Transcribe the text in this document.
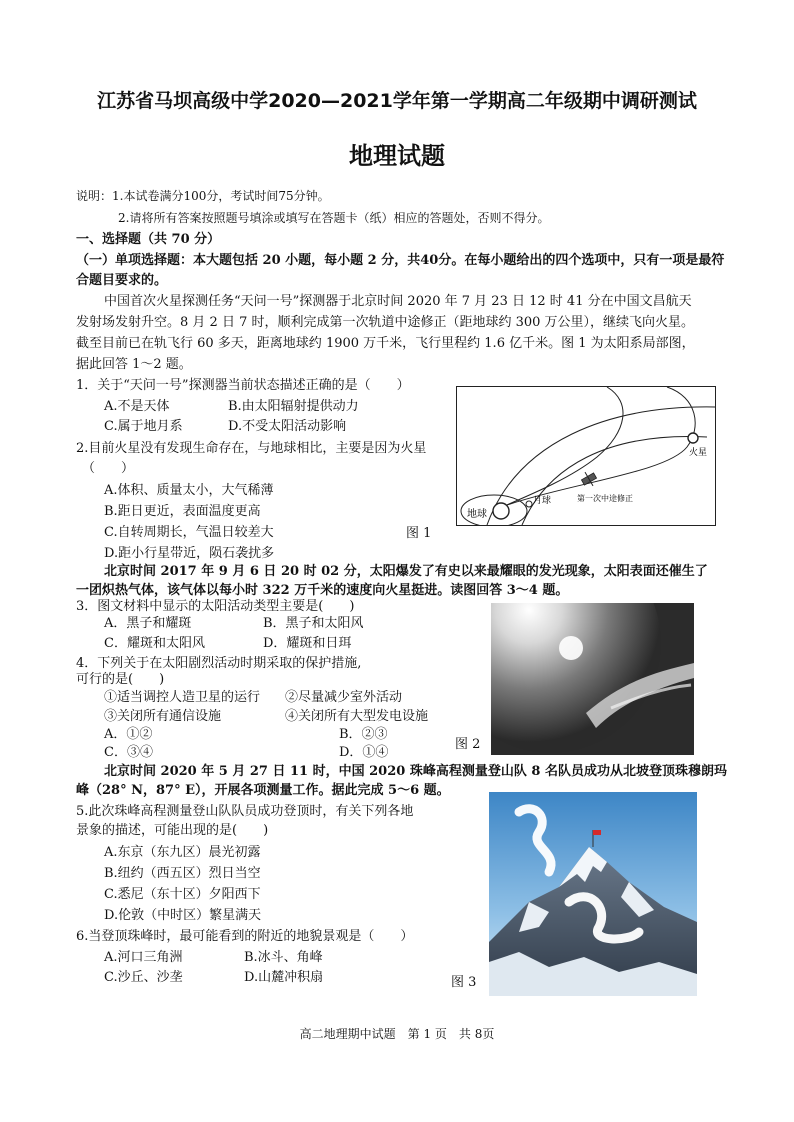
江苏省马坝高级中学2020—2021学年第一学期高二年级期中调研测试
地理试题
说明：1.本试卷满分100分，考试时间75分钟。
2.请将所有答案按照题号填涂或填写在答题卡（纸）相应的答题处，否则不得分。
一、选择题（共 70 分）
（一）单项选择题：本大题包括 20 小题，每小题 2 分，共40分。在每小题给出的四个选项中，只有一项是最符
合题目要求的。
中国首次火星探测任务“天问一号”探测器于北京时间 2020 年 7 月 23 日 12 时 41 分在中国文昌航天
发射场发射升空。8 月 2 日 7 时，顺利完成第一次轨道中途修正（距地球约 300 万公里），继续飞向火星。
截至目前已在轨飞行 60 多天，距离地球约 1900 万千米，飞行里程约 1.6 亿千米。图 1 为太阳系局部图，
据此回答 1～2 题。
1．关于“天问一号”探测器当前状态描述正确的是（　　）
A.不是天体	B.由太阳辐射提供动力
C.属于地月系	D.不受太阳活动影响
2.目前火星没有发现生命存在，与地球相比，主要是因为火星
（　　）
A.体积、质量太小，大气稀薄
B.距日更近，表面温度更高
C.自转周期长，气温日较差大
D.距小行星带近，陨石袭扰多
地球
月球
火星
第一次中途修正
图 1
北京时间 2017 年 9 月 6 日 20 时 02 分，太阳爆发了有史以来最耀眼的发光现象，太阳表面还催生了
一团炽热气体，该气体以每小时 322 万千米的速度向火星挺进。读图回答 3～4 题。
3．图文材料中显示的太阳活动类型主要是(　　)
A．黑子和耀斑	B．黑子和太阳风
C．耀斑和太阳风	D．耀斑和日珥
4．下列关于在太阳剧烈活动时期采取的保护措施,
可行的是(　　)
①适当调控人造卫星的运行 ②尽量减少室外活动
③关闭所有通信设施	④关闭所有大型发电设施
A．①②	B．②③
C．③④	D．①④
图 2
北京时间 2020 年 5 月 27 日 11 时，中国 2020 珠峰高程测量登山队 8 名队员成功从北坡登顶珠穆朗玛
峰（28° N，87° E），开展各项测量工作。据此完成 5～6 题。
5.此次珠峰高程测量登山队队员成功登顶时，有关下列各地
景象的描述，可能出现的是(　　)
A.东京（东九区）晨光初露
B.纽约（西五区）烈日当空
C.悉尼（东十区）夕阳西下
D.伦敦（中时区）繁星满天
6.当登顶珠峰时，最可能看到的附近的地貌景观是（　　）
A.河口三角洲	B.冰斗、角峰
C.沙丘、沙垄	D.山麓冲积扇	图 3
高二地理期中试题　第 1 页　共 8页
